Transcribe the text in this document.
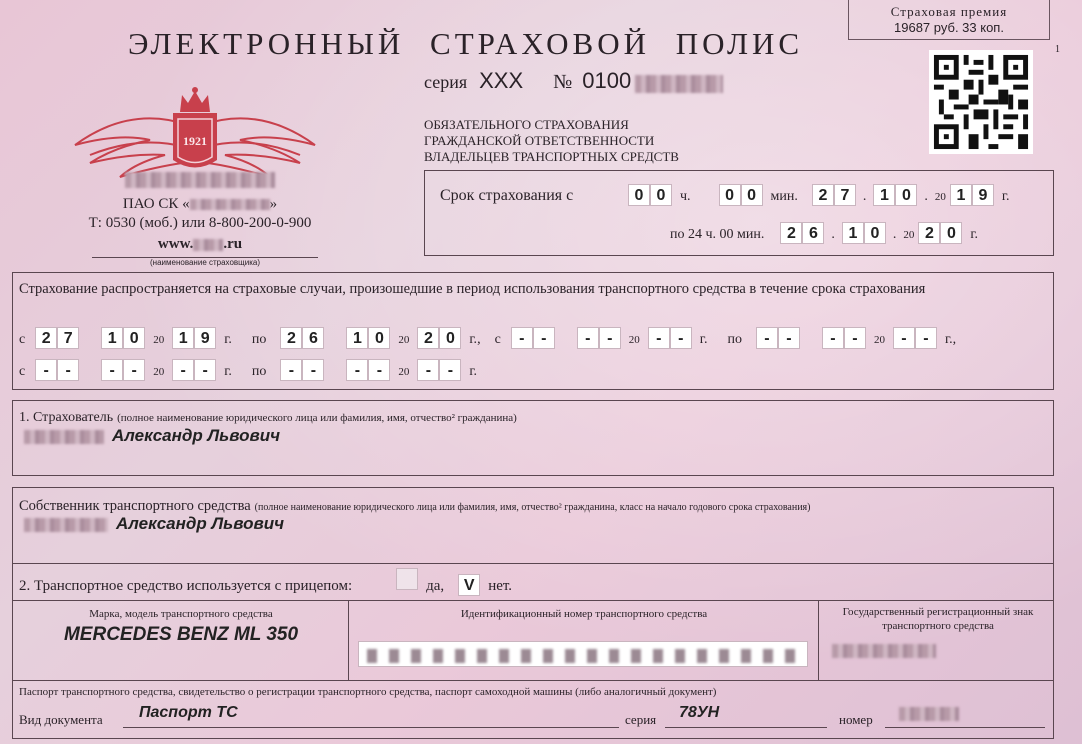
Страховая премия
19687 руб. 33 коп.
1
ЭЛЕКТРОННЫЙ СТРАХОВОЙ ПОЛИС
серия XXX № 0100
ОБЯЗАТЕЛЬНОГО СТРАХОВАНИЯ
ГРАЖДАНСКОЙ ОТВЕТСТВЕННОСТИ
ВЛАДЕЛЬЦЕВ ТРАНСПОРТНЫХ СРЕДСТВ
1921
ПАО СК «	»
Т: 0530 (моб.) или 8-800-200-0-900
www. .ru
(наименование страховщика)
Срок страхования с	0 0 ч. 0 0 мин. 2 7 . 1 0 . 20 1 9 г.
по 24 ч. 00 мин. 2 6 . 1 0 . 20 2 0 г.
Страхование распространяется на страховые случаи, произошедшие в период использования транспортного средства в течение срока страхования
с 2 7 1 0 20 1 9 г. по 2 6 1 0 20 2 0 г., с - - - - 20 - - г. по - - - - 20 - - г.,
с - - - - 20 - - г. по - - - - 20 - - г.
1. Страхователь (полное наименование юридического лица или фамилия, имя, отчество² гражданина)
Александр Львович
Собственник транспортного средства (полное наименование юридического лица или фамилия, имя, отчество² гражданина, класс на начало годового срока страхования)
Александр Львович
2. Транспортное средство используется с прицепом:	да, V нет.
Марка, модель транспортного средства
MERCEDES BENZ ML 350
Идентификационный номер транспортного средства	Государственный регистрационный знак транспортного средства
Паспорт транспортного средства, свидетельство о регистрации транспортного средства, паспорт самоходной машины (либо аналогичный документ)
Вид документа Паспорт ТС	серия 78УН	номер
